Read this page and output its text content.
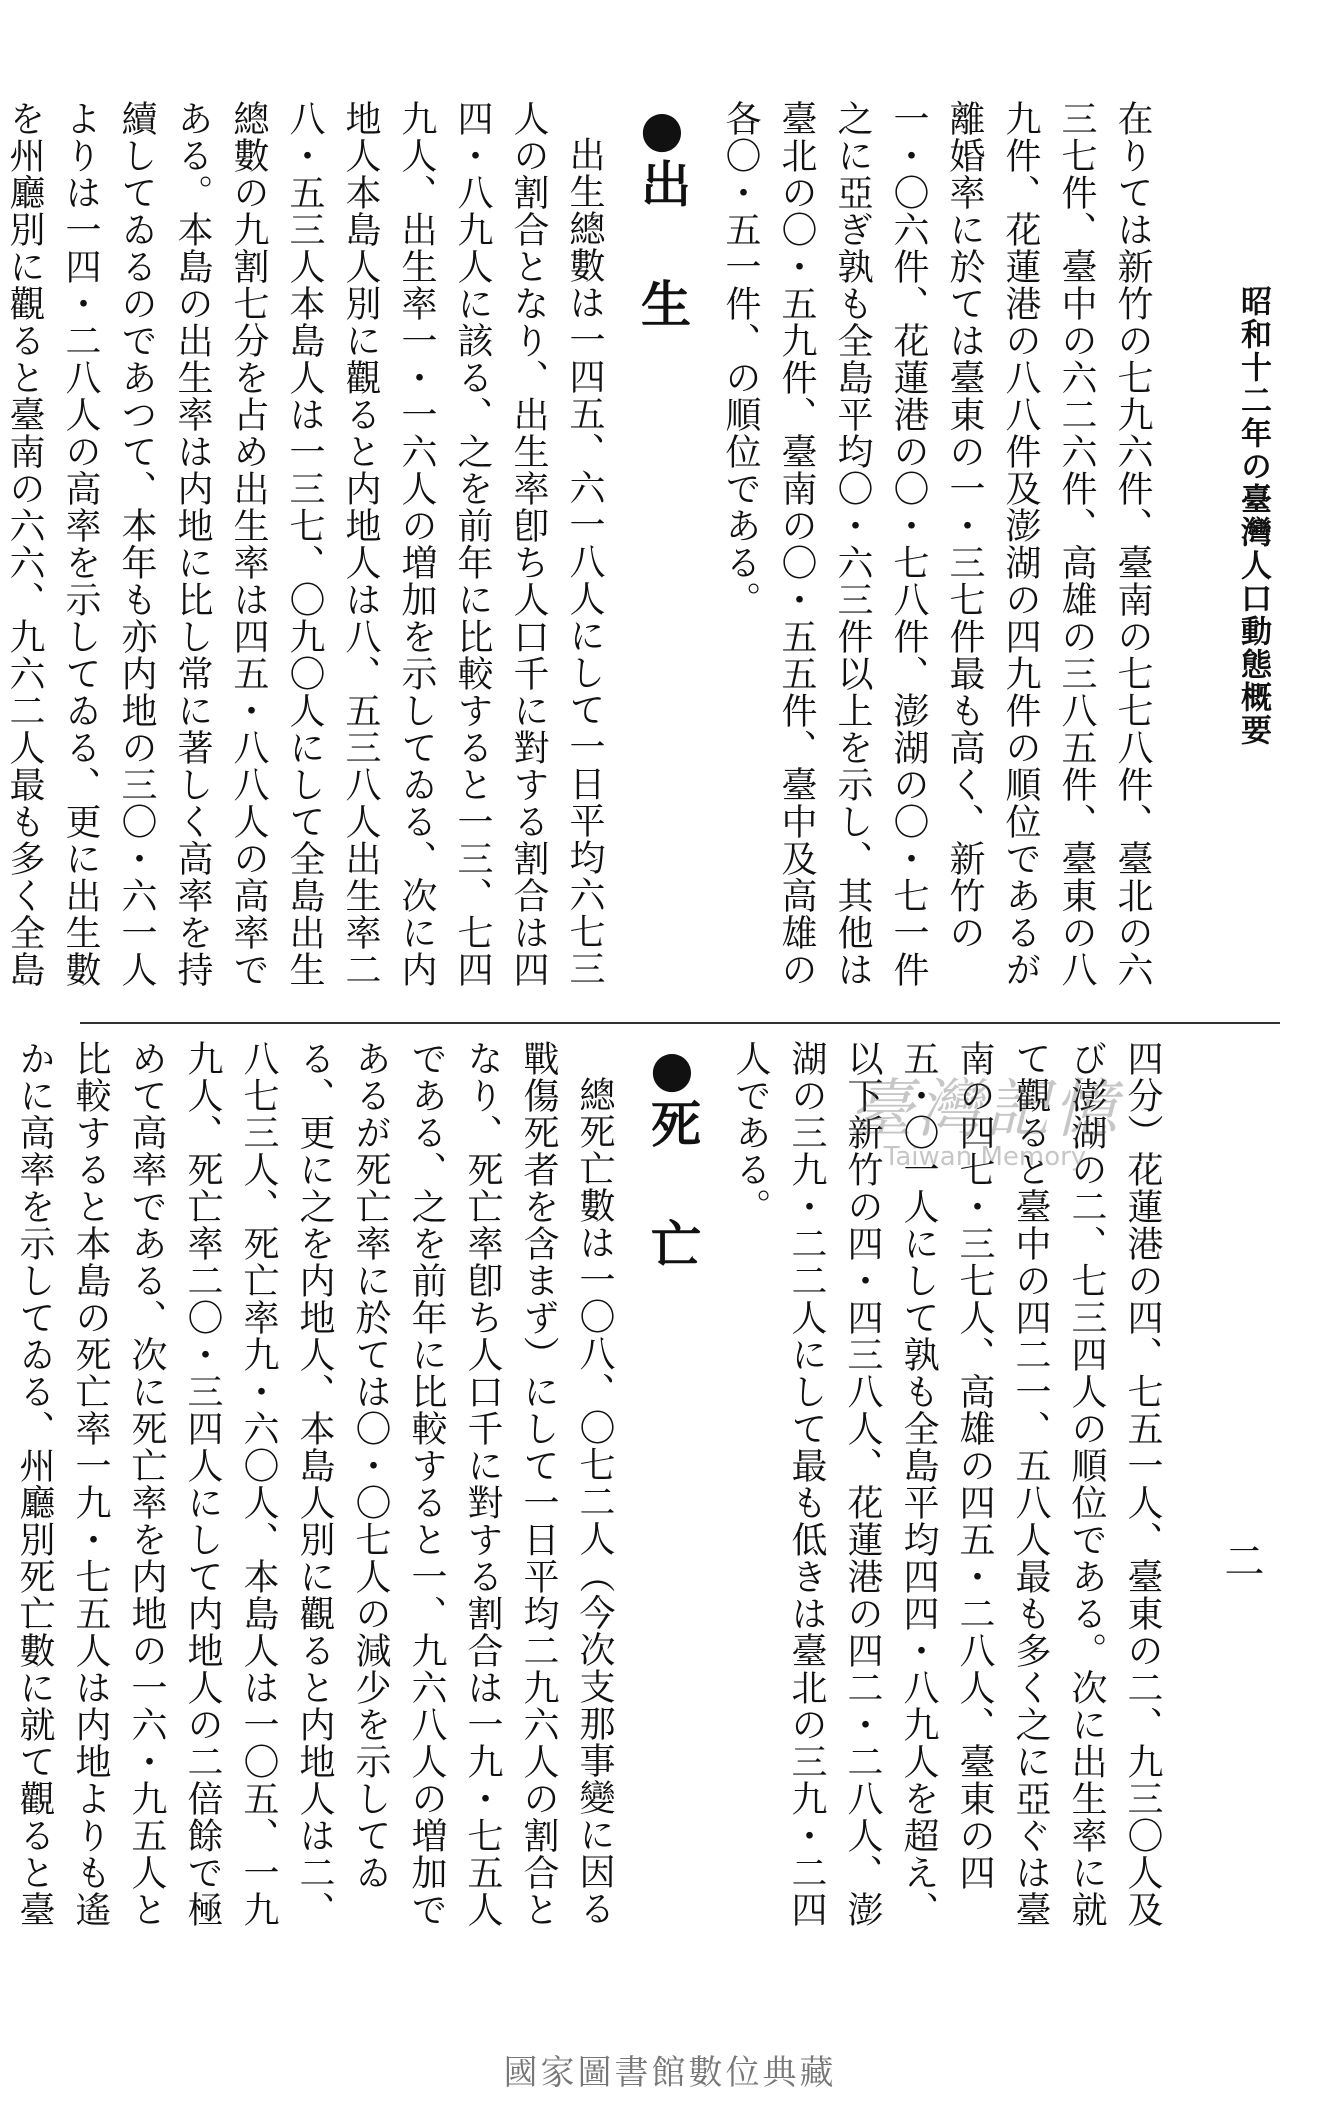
昭和十二年の臺灣人口動態概要
二

在りては新竹の七九六件、臺南の七七八件、臺北の六三七件、臺中の六二六件、高雄の三八五件、臺東の八九件、花蓮港の八八件及澎湖の四九件の順位であるが離婚率に於ては臺東の一・三七件最も高く、新竹の一・〇六件、花蓮港の〇・七八件、澎湖の〇・七一件之に亞ぎ孰も全島平均〇・六三件以上を示し、其他は臺北の〇・五九件、臺南の〇・五五件、臺中及高雄の各〇・五一件、の順位である。

●出　生

出生總數は一四五、六一八人にして一日平均六七三人の割合となり、出生率卽ち人口千に對する割合は四四・八九人に該る、之を前年に比較すると一三、七四九人、出生率一・一六人の増加を示してゐる、次に内地人本島人別に觀ると内地人は八、五三八人出生率二八・五三人本島人は一三七、〇九〇人にして全島出生總數の九割七分を占め出生率は四五・八八人の高率である。本島の出生率は内地に比し常に著しく高率を持續してゐるのであつて、本年も亦内地の三〇・六一人よりは一四・二八人の高率を示してゐる、更に出生數を州廳別に觀ると臺南の六六、九六二人最も多く全島

四分）花蓮港の四、七五一人、臺東の二、九三〇人及び澎湖の二、七三四人の順位である。次に出生率に就て觀ると臺中の四二一、五八人最も多く之に亞ぐは臺南の四七・三七人、高雄の四五・二八人、臺東の四五・〇一人にして孰も全島平均四四・八九人を超え、以下新竹の四・四三八人、花蓮港の四二・二八人、澎湖の三九・二二人にして最も低きは臺北の三九・二四人である。

●死　亡

總死亡數は一〇八、〇七二人（今次支那事變に因る戰傷死者を含まず）にして一日平均二九六人の割合となり、死亡率卽ち人口千に對する割合は一九・七五人である、之を前年に比較すると一、九六八人の増加であるが死亡率に於ては〇・〇七人の減少を示してゐる、更に之を内地人、本島人別に觀ると内地人は二、八七三人、死亡率九・六〇人、本島人は一〇五、一九九人、死亡率二〇・三四人にして内地人の二倍餘で極めて高率である、次に死亡率を内地の一六・九五人と比較すると本島の死亡率一九・七五人は内地よりも遙かに高率を示してゐる、州廳別死亡數に就て觀ると臺

臺灣記憶
Taiwan Memory
國家圖書館數位典藏
